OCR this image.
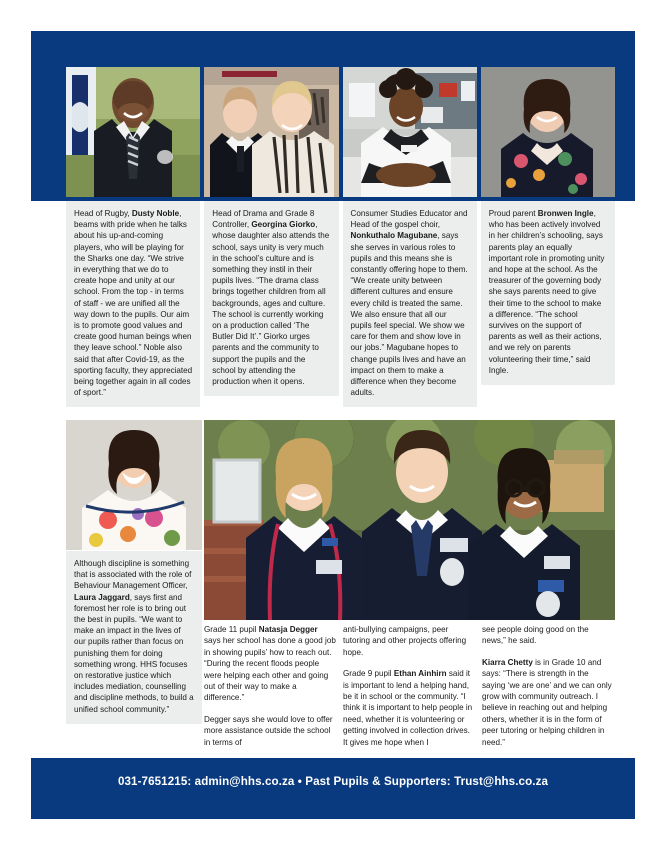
Head of Rugby, Dusty Noble, beams with pride when he talks about his up-and-coming players, who will be playing for the Sharks one day. “We strive in everything that we do to create hope and unity at our school. From the top - in terms of staff - we are unified all the way down to the pupils. Our aim is to promote good values and create good human beings when they leave school.” Noble also said that after Covid-19, as the sporting faculty, they appreciated being together again in all codes of sport.”
Head of Drama and Grade 8 Controller, Georgina Giorko, whose daughter also attends the school, says unity is very much in the school’s culture and is something they instil in their pupils lives. “The drama class brings together children from all backgrounds, ages and culture. The school is currently working on a production called ‘The Butler Did It’.” Giorko urges parents and the community to support the pupils and the school by attending the production when it opens.
Consumer Studies Educator and Head of the gospel choir, Nonkuthalo Magubane, says she serves in various roles to pupils and this means she is constantly offering hope to them. “We create unity between different cultures and ensure every child is treated the same. We also ensure that all our pupils feel special. We show we care for them and show love in our jobs.” Magubane hopes to change pupils lives and have an impact on them to make a difference when they become adults.
Proud parent Bronwen Ingle, who has been actively involved in her children’s schooling, says parents play an equally important role in promoting unity and hope at the school. As the treasurer of the governing body she says parents need to give their time to the school to make a difference. “The school survives on the support of parents as well as their actions, and we rely on parents volunteering their time,” said Ingle.
Although discipline is something that is associated with the role of Behaviour Management Officer, Laura Jaggard, says first and foremost her role is to bring out the best in pupils. “We want to make an impact in the lives of our pupils rather than focus on punishing them for doing something wrong. HHS focuses on restorative justice which includes mediation, counselling and discipline methods, to build a unified school community.”

Grade 11 pupil Natasja Degger says her school has done a good job in showing pupils’ how to reach out. “During the recent floods people were helping each other and going out of their way to make a difference.”

Degger says she would love to offer more assistance outside the school in terms of

anti-bullying campaigns, peer tutoring and other projects offering hope.

Grade 9 pupil Ethan Ainhirn said it is important to lend a helping hand, be it in school or the community. “I think it is important to help people in need, whether it is volunteering or getting involved in collection drives. It gives me hope when I

see people doing good on the news,” he said.

Kiarra Chetty is in Grade 10 and says: “There is strength in the saying ‘we are one’ and we can only grow with community outreach. I believe in reaching out and helping others, whether it is in the form of peer tutoring or helping children in need.”

031-7651215: admin@hhs.co.za • Past Pupils & Supporters: Trust@hhs.co.za
